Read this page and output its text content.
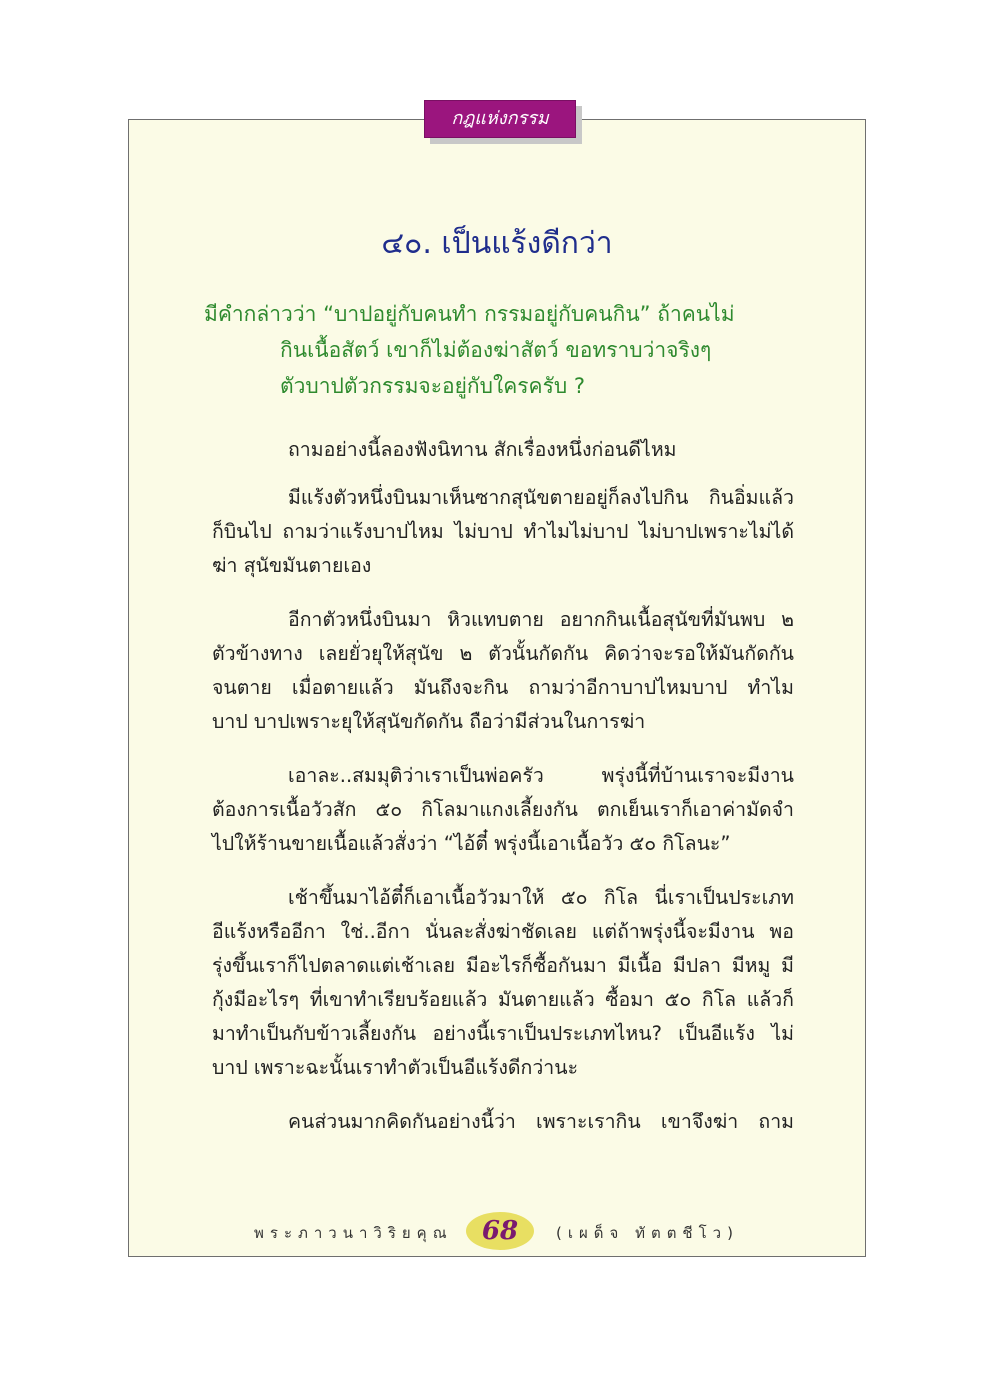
กฎแห่งกรรม
๔๐. เป็นแร้งดีกว่า
มีคำกล่าวว่า “บาปอยู่กับคนทำ กรรมอยู่กับคนกิน” ถ้าคนไม่
กินเนื้อสัตว์ เขาก็ไม่ต้องฆ่าสัตว์ ขอทราบว่าจริงๆ
ตัวบาปตัวกรรมจะอยู่กับใครครับ ?
ถามอย่างนี้ลองฟังนิทาน สักเรื่องหนึ่งก่อนดีไหม
มีแร้งตัวหนึ่งบินมาเห็นซากสุนัขตายอยู่ก็ลงไปกิน กินอิ่มแล้ว
ก็บินไป ถามว่าแร้งบาปไหม ไม่บาป ทำไมไม่บาป ไม่บาปเพราะไม่ได้
ฆ่า สุนัขมันตายเอง
อีกาตัวหนึ่งบินมา หิวแทบตาย อยากกินเนื้อสุนัขที่มันพบ ๒
ตัวข้างทาง เลยยั่วยุให้สุนัข ๒ ตัวนั้นกัดกัน คิดว่าจะรอให้มันกัดกัน
จนตาย เมื่อตายแล้ว มันถึงจะกิน ถามว่าอีกาบาปไหมบาป ทำไม
บาป บาปเพราะยุให้สุนัขกัดกัน ถือว่ามีส่วนในการฆ่า
เอาละ..สมมุติว่าเราเป็นพ่อครัว พรุ่งนี้ที่บ้านเราจะมีงาน
ต้องการเนื้อวัวสัก ๕๐ กิโลมาแกงเลี้ยงกัน ตกเย็นเราก็เอาค่ามัดจำ
ไปให้ร้านขายเนื้อแล้วสั่งว่า “ไอ้ตี๋ พรุ่งนี้เอาเนื้อวัว ๕๐ กิโลนะ”
เช้าขึ้นมาไอ้ตี๋ก็เอาเนื้อวัวมาให้ ๕๐ กิโล นี่เราเป็นประเภท
อีแร้งหรืออีกา ใช่..อีกา นั่นละสั่งฆ่าชัดเลย แต่ถ้าพรุ่งนี้จะมีงาน พอ
รุ่งขึ้นเราก็ไปตลาดแต่เช้าเลย มีอะไรก็ซื้อกันมา มีเนื้อ มีปลา มีหมู มี
กุ้งมีอะไรๆ ที่เขาทำเรียบร้อยแล้ว มันตายแล้ว ซื้อมา ๕๐ กิโล แล้วก็
มาทำเป็นกับข้าวเลี้ยงกัน อย่างนี้เราเป็นประเภทไหน? เป็นอีแร้ง ไม่
บาป เพราะฉะนั้นเราทำตัวเป็นอีแร้งดีกว่านะ
คนส่วนมากคิดกันอย่างนี้ว่า เพราะเรากิน เขาจึงฆ่า ถาม
พระภาวนาวิริยคุณ	68	(เผด็จ ทัตตชีโว)
